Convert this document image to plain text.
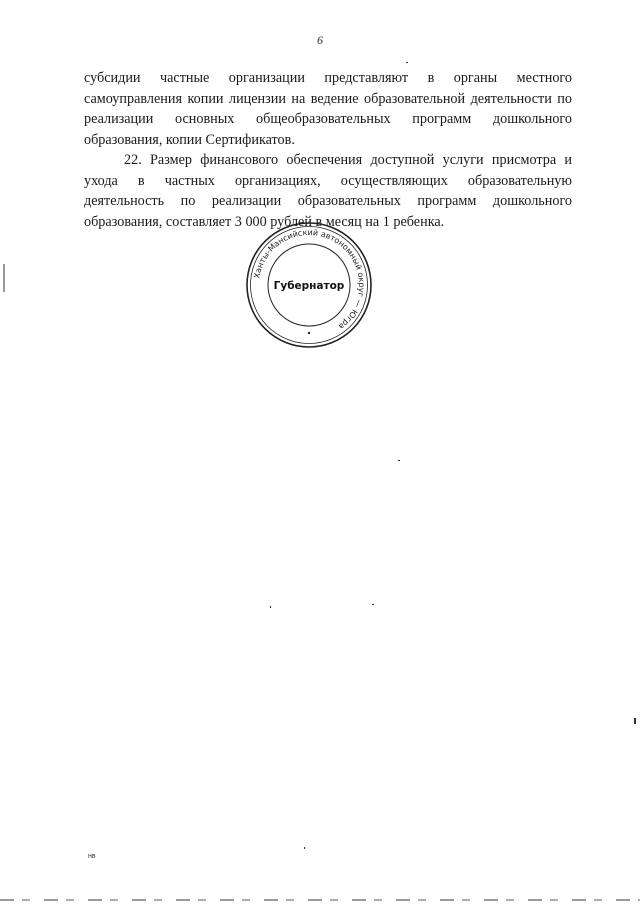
6

субсидии частные организации представляют в органы местного самоуправления копии лицензии на ведение образовательной деятельности по реализации основных общеобразовательных программ дошкольного образования, копии Сертификатов.

22. Размер финансового обеспечения доступной услуги присмотра и ухода в частных организациях, осуществляющих образовательную деятельность по реализации образовательных программ дошкольного образования, составляет 3 000 рублей в месяц на 1 ребенка.

Ханты-Мансийский автономный округ — Югра
Губернатор
нв
